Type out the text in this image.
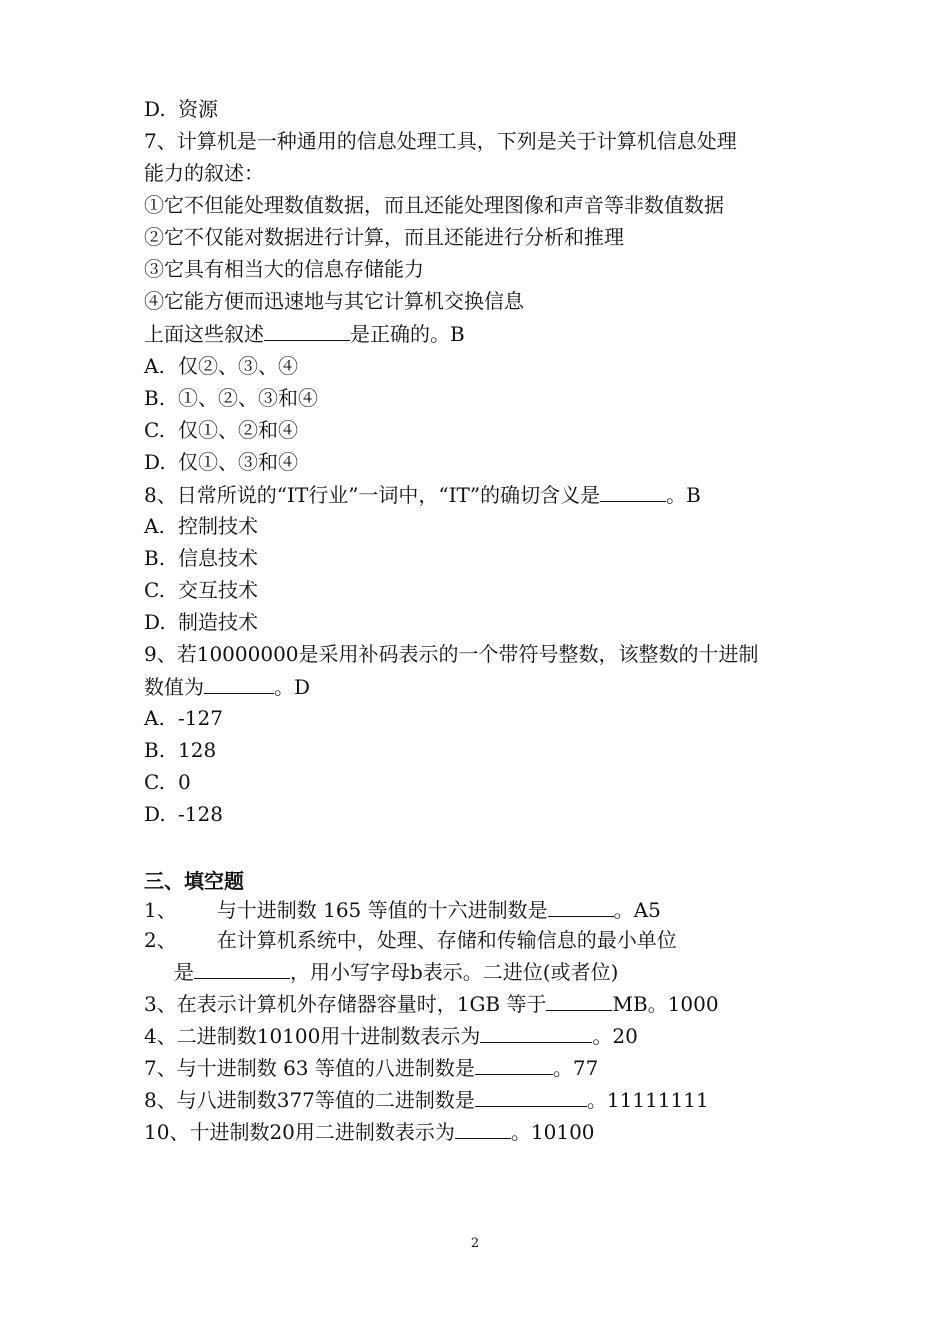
D. 资源
7、计算机是一种通用的信息处理工具，下列是关于计算机信息处理
能力的叙述：
①它不但能处理数值数据，而且还能处理图像和声音等非数值数据
②它不仅能对数据进行计算，而且还能进行分析和推理
③它具有相当大的信息存储能力
④它能方便而迅速地与其它计算机交换信息
上面这些叙述	是正确的。B
A. 仅②、③、④
B. ①、②、③和④
C. 仅①、②和④
D. 仅①、③和④
8、日常所说的“IT行业”一词中，“IT”的确切含义是	。B
A. 控制技术
B. 信息技术
C. 交互技术
D. 制造技术
9、若10000000是采用补码表示的一个带符号整数，该整数的十进制
数值为	。D
A. -127
B. 128
C. 0
D. -128
三、填空题
1、 与十进制数 165 等值的十六进制数是	。A5
2、 在计算机系统中，处理、存储和传输信息的最小单位
是	，用小写字母b表示。二进位(或者位)
3、在表示计算机外存储器容量时，1GB 等于	MB。1000
4、二进制数10100用十进制数表示为	。20
7、与十进制数 63 等值的八进制数是	。77
8、与八进制数377等值的二进制数是	。11111111
10、十进制数20用二进制数表示为	。10100
2
